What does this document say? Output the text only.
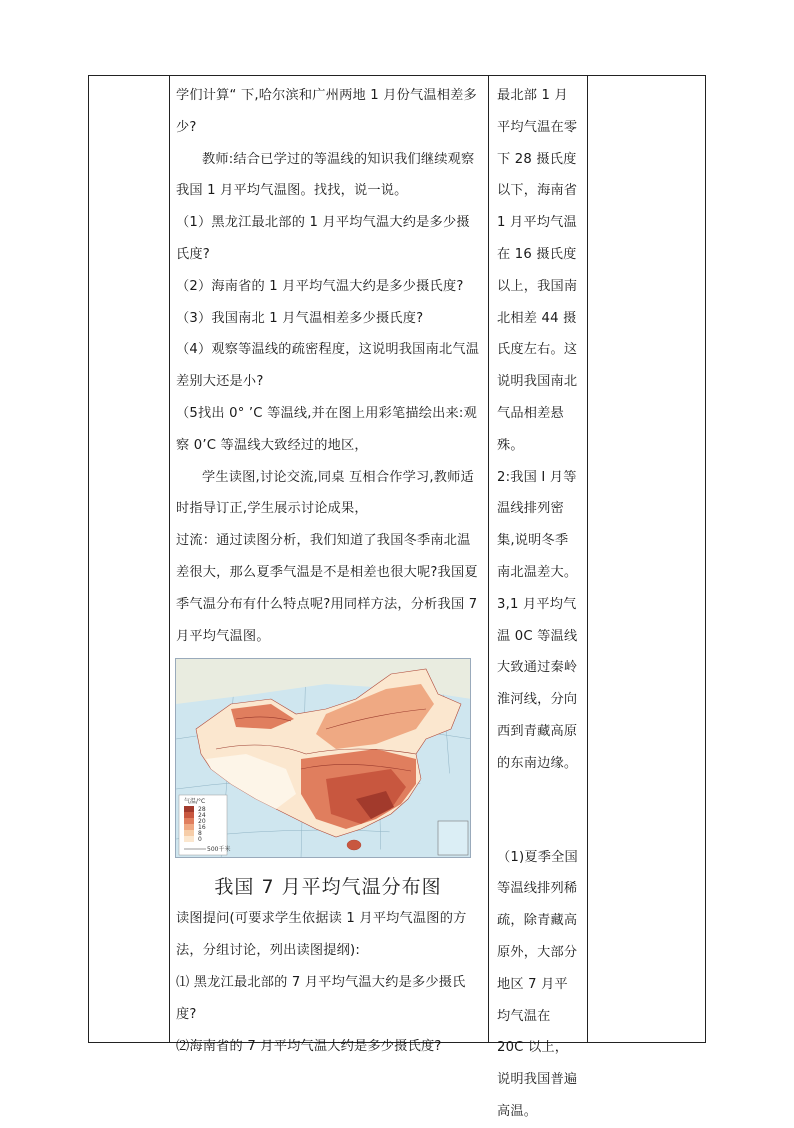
学们计算“ 下,哈尔滨和广州两地 1 月份气温相差多少?

教师:结合已学过的等温线的知识我们继续观察我国 1 月平均气温图。找找，说一说。

（1）黑龙江最北部的 1 月平均气温大约是多少摄氏度?

（2）海南省的 1 月平均气温大约是多少摄氏度?

（3）我国南北 1 月气温相差多少摄氏度?

（4）观察等温线的疏密程度，这说明我国南北气温差别大还是小?

（5找出 0° ’C 等温线,并在图上用彩笔描绘出来:观察 0’C 等温线大致经过的地区，

学生读图,讨论交流,同桌 互相合作学习,教师适时指导订正,学生展示讨论成果，

过流：通过读图分析，我们知道了我国冬季南北温差很大，那么夏季气温是不是相差也很大呢?我国夏季气温分布有什么特点呢?用同样方法，分析我国 7 月平均气温图。

气温/°C
28
24
20
16
8
0
500千米
我国 7 月平均气温分布图

读图提问(可要求学生依据读 1 月平均气温图的方法，分组讨论，列出读图提纲):

⑴ 黑龙江最北部的 7 月平均气温大约是多少摄氏度?

⑵海南省的 7 月平均气温大约是多少摄氏度?

最北部 1 月平均气温在零下 28 摄氏度以下，海南省 1 月平均气温在 16 摄氏度以上，我国南北相差 44 摄氏度左右。这说明我国南北气品相差悬殊。

2:我国 I 月等温线排列密集,说明冬季南北温差大。

3,1 月平均气温 0C 等温线大致通过秦岭淮河线，分向西到青藏高原的东南边缘。

（1)夏季全国等温线排列稀疏，除青藏高原外，大部分地区 7 月平均气温在 20C 以上，说明我国普遍高温。
